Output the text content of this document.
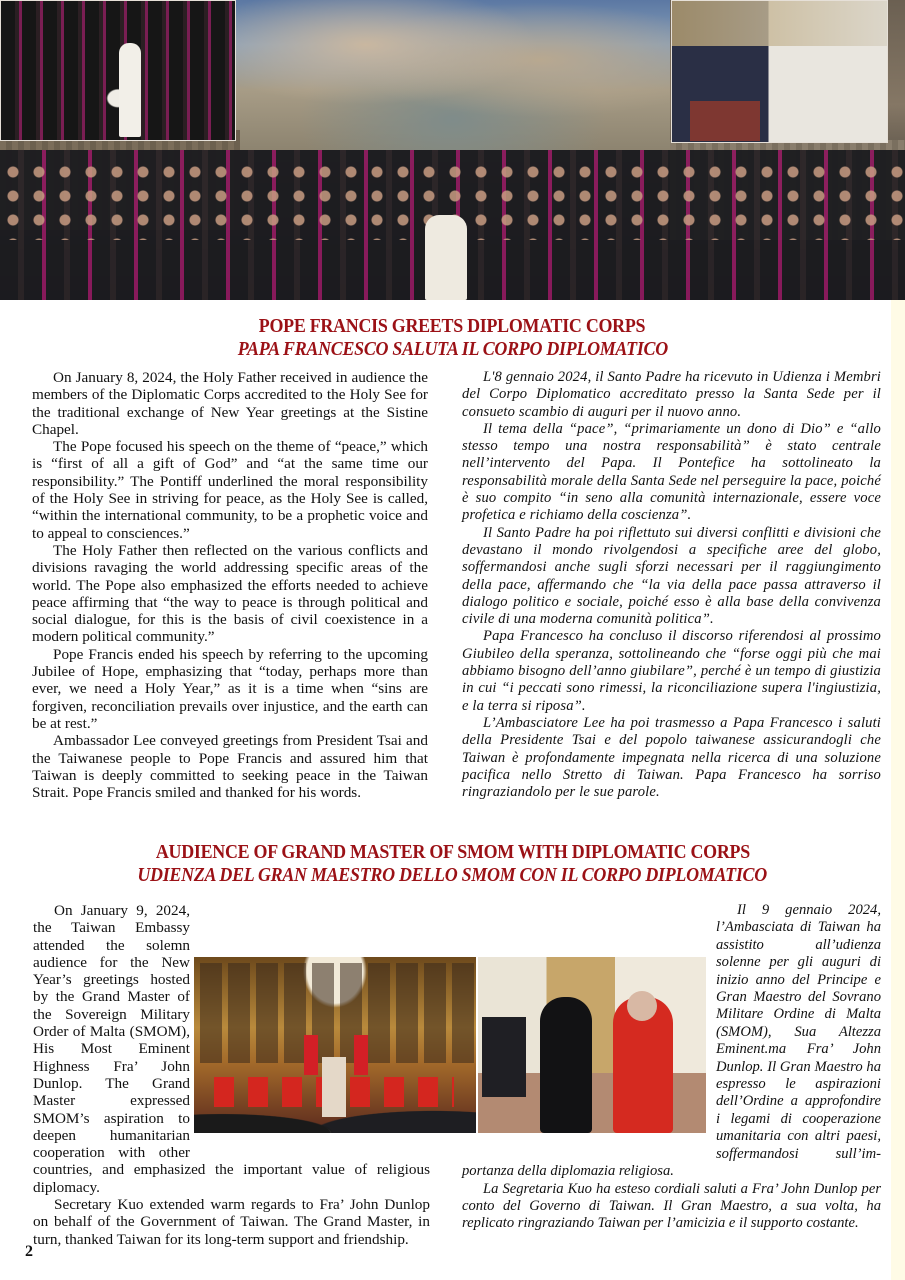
POPE FRANCIS GREETS DIPLOMATIC CORPS
PAPA FRANCESCO SALUTA IL CORPO DIPLOMATICO

On January 8, 2024, the Holy Father received in audience the members of the Diplomatic Corps accredited to the Holy See for the traditional exchange of New Year greetings at the Sistine Chapel.

The Pope focused his speech on the theme of “peace,” which is “first of all a gift of God” and “at the same time our responsibility.” The Pontiff underlined the moral responsibility of the Holy See in striving for peace, as the Holy See is called, “within the international community, to be a prophetic voice and to appeal to consciences.”

The Holy Father then reflected on the various conflicts and divisions ravaging the world addressing specific areas of the world. The Pope also emphasized the efforts needed to achieve peace affirming that “the way to peace is through political and social dialogue, for this is the basis of civil coexistence in a modern political community.”

Pope Francis ended his speech by referring to the upcoming Jubilee of Hope, emphasizing that “today, perhaps more than ever, we need a Holy Year,” as it is a time when “sins are forgiven, reconciliation prevails over injustice, and the earth can be at rest.”

Ambassador Lee conveyed greetings from President Tsai and the Taiwanese people to Pope Francis and assured him that Taiwan is deeply committed to seeking peace in the Taiwan Strait. Pope Francis smiled and thanked for his words.

L'8 gennaio 2024, il Santo Padre ha ricevuto in Udienza i Membri del Corpo Diplomatico accreditato presso la Santa Sede per il consueto scambio di auguri per il nuovo anno.

Il tema della “pace”, “primariamente un dono di Dio” e “allo stesso tempo una nostra responsabilità” è stato centrale nell’intervento del Papa. Il Pontefice ha sottolineato la responsabilità morale della Santa Sede nel perseguire la pace, poiché è suo compito “in seno alla comunità internazionale, essere voce profetica e richiamo della coscienza”.

Il Santo Padre ha poi riflettuto sui diversi conflitti e divisioni che devastano il mondo rivolgendosi a specifiche aree del globo, soffermandosi anche sugli sforzi necessari per il raggiungimento della pace, affermando che “la via della pace passa attraverso il dialogo politico e sociale, poiché esso è alla base della convivenza civile di una moderna comunità politica”.

Papa Francesco ha concluso il discorso riferendosi al prossimo Giubileo della speranza, sottolineando che “forse oggi più che mai abbiamo bisogno dell’anno giubilare”, perché è un tempo di giustizia in cui “i peccati sono rimessi, la riconciliazione supera l'ingiustizia, e la terra si riposa”.

L’Ambasciatore Lee ha poi trasmesso a Papa Francesco i saluti della Presidente Tsai e del popolo taiwanese assicurandogli che Taiwan è profondamente impegnata nella ricerca di una soluzione pacifica nello Stretto di Taiwan. Papa Francesco ha sorriso ringraziandolo per le sue parole.

AUDIENCE OF GRAND MASTER OF SMOM WITH DIPLOMATIC CORPS
UDIENZA DEL GRAN MAESTRO DELLO SMOM CON IL CORPO DIPLOMATICO

On January 9, 2024, the Taiwan Embassy attended the solemn audience for the New Year’s greetings hosted by the Grand Master of the Sovereign Military Order of Malta (SMOM), His Most Eminent Highness Fra’ John Dunlop. The Grand Master expressed SMOM’s aspiration to deepen humanitarian cooperation with other countries, and emphasized the important value of religious diplomacy.

Secretary Kuo extended warm regards to Fra’ John Dunlop on behalf of the Government of Taiwan. The Grand Master, in turn, thanked Taiwan for its long-term support and friendship.

Il 9 gennaio 2024, l’Ambasciata di Taiwan ha assistito all’udienza solenne per gli auguri di inizio anno del Principe e Gran Maestro del Sovrano Militare Ordine di Malta (SMOM), Sua Altezza Eminent.ma Fra’ John Dunlop. Il Gran Maestro ha espresso le aspirazioni dell’Ordine a approfondire i legami di cooperazione umanitaria con altri paesi, soffermandosi sull’importanza della diplomazia religiosa.

La Segretaria Kuo ha esteso cordiali saluti a Fra’ John Dunlop per conto del Governo di Taiwan. Il Gran Maestro, a sua volta, ha replicato ringraziando Taiwan per l’amicizia e il supporto costante.

2
